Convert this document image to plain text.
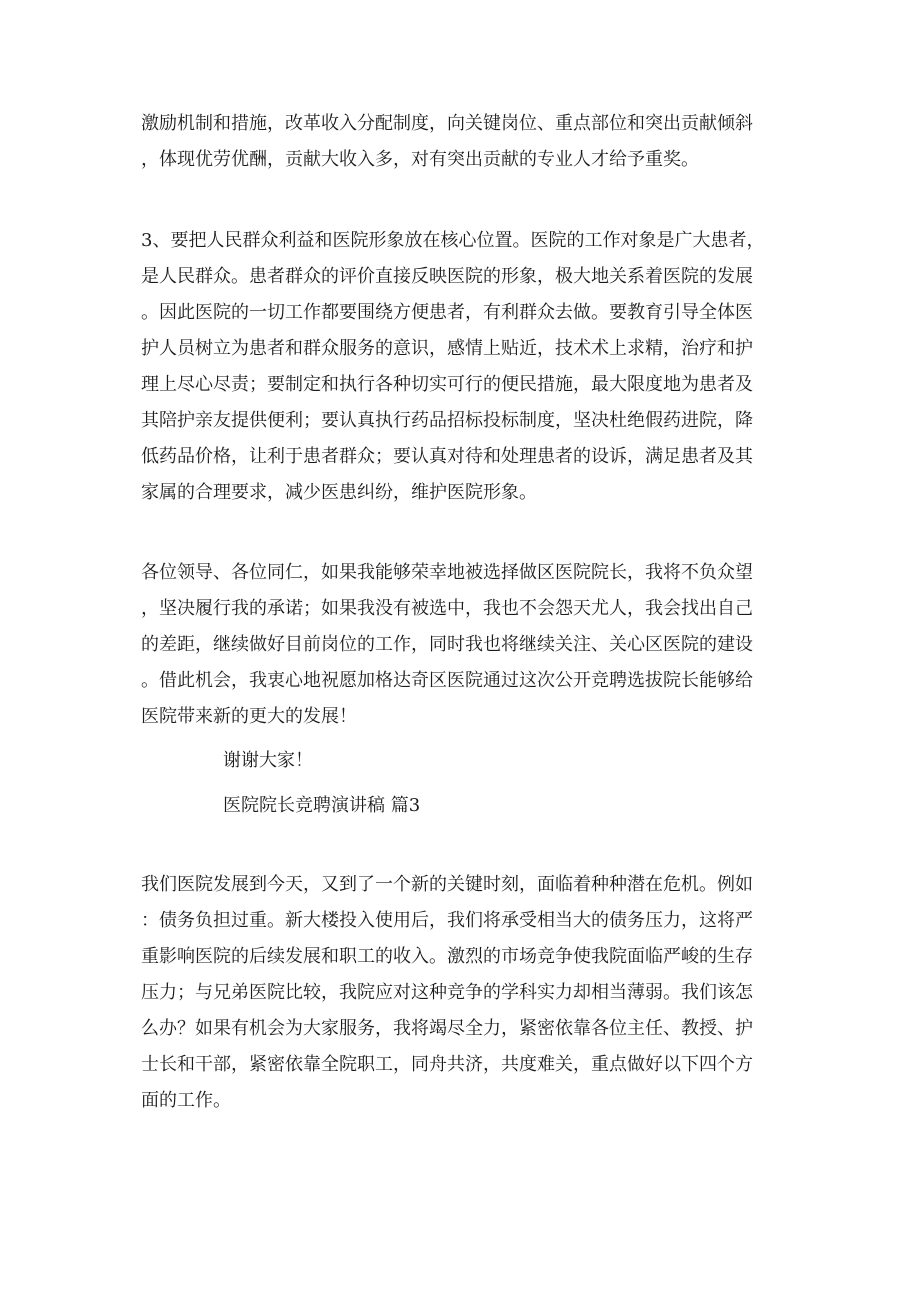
激励机制和措施，改革收入分配制度，向关键岗位、重点部位和突出贡献倾斜
，体现优劳优酬，贡献大收入多，对有突出贡献的专业人才给予重奖。
3、要把人民群众利益和医院形象放在核心位置。医院的工作对象是广大患者，
是人民群众。患者群众的评价直接反映医院的形象，极大地关系着医院的发展
。因此医院的一切工作都要围绕方便患者，有利群众去做。要教育引导全体医
护人员树立为患者和群众服务的意识，感情上贴近，技术术上求精，治疗和护
理上尽心尽责；要制定和执行各种切实可行的便民措施，最大限度地为患者及
其陪护亲友提供便利；要认真执行药品招标投标制度，坚决杜绝假药进院，降
低药品价格，让利于患者群众；要认真对待和处理患者的设诉，满足患者及其
家属的合理要求，减少医患纠纷，维护医院形象。
各位领导、各位同仁，如果我能够荣幸地被选择做区医院院长，我将不负众望
，坚决履行我的承诺；如果我没有被选中，我也不会怨天尤人，我会找出自己
的差距，继续做好目前岗位的工作，同时我也将继续关注、关心区医院的建设
。借此机会，我衷心地祝愿加格达奇区医院通过这次公开竞聘选拔院长能够给
医院带来新的更大的发展！
谢谢大家！
医院院长竞聘演讲稿 篇3
我们医院发展到今天，又到了一个新的关键时刻，面临着种种潜在危机。例如
：债务负担过重。新大楼投入使用后，我们将承受相当大的债务压力，这将严
重影响医院的后续发展和职工的收入。激烈的市场竞争使我院面临严峻的生存
压力；与兄弟医院比较，我院应对这种竞争的学科实力却相当薄弱。我们该怎
么办？如果有机会为大家服务，我将竭尽全力，紧密依靠各位主任、教授、护
士长和干部，紧密依靠全院职工，同舟共济，共度难关，重点做好以下四个方
面的工作。
